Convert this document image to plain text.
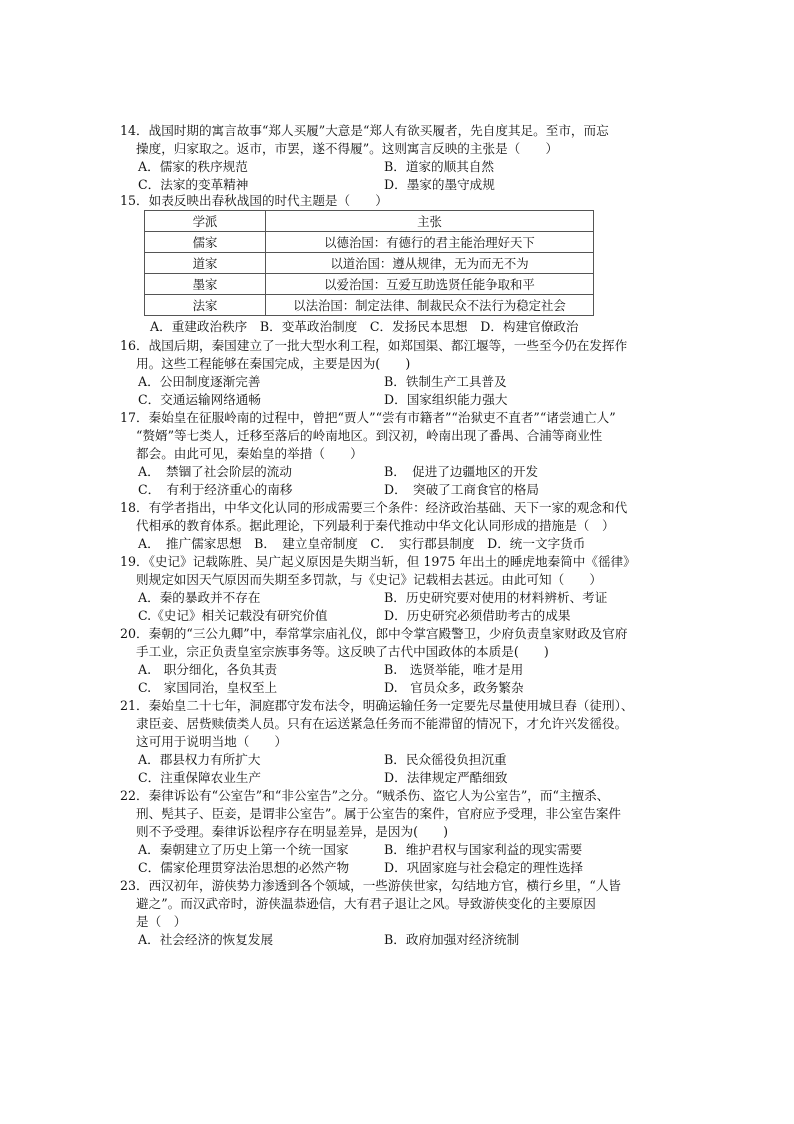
14．战国时期的寓言故事“郑人买履”大意是“郑人有欲买履者，先自度其足。至市，而忘
操度，归家取之。返市，市罢，遂不得履”。这则寓言反映的主张是（　　）
A．儒家的秩序规范	B．道家的顺其自然
C．法家的变革精神	D．墨家的墨守成规
15．如表反映出春秋战国的时代主题是（　　）
学派	主张
儒家	以德治国：有德行的君主能治理好天下
道家	以道治国：遵从规律，无为而无不为
墨家	以爱治国：互爱互助选贤任能争取和平
法家	以法治国：制定法律、制裁民众不法行为稳定社会
A．重建政治秩序　B．变革政治制度　C．发扬民本思想　D．构建官僚政治
16．战国后期，秦国建立了一批大型水利工程，如郑国渠、都江堰等，一些至今仍在发挥作
用。这些工程能够在秦国完成，主要是因为(　　)
A．公田制度逐渐完善	B．铁制生产工具普及
C．交通运输网络通畅	D．国家组织能力强大
17．秦始皇在征服岭南的过程中，曾把“贾人”“尝有市籍者”“治狱吏不直者”“诸尝逋亡人”
“赘婿”等七类人，迁移至落后的岭南地区。到汉初，岭南出现了番禺、合浦等商业性
都会。由此可见，秦始皇的举措（　　）
A．　禁锢了社会阶层的流动	B．　促进了边疆地区的开发
C．　有利于经济重心的南移	D．　突破了工商食官的格局
18．有学者指出，中华文化认同的形成需要三个条件：经济政治基础、天下一家的观念和代
代相承的教育体系。据此理论，下列最利于秦代推动中华文化认同形成的措施是（　）
A．　推广儒家思想　B．　建立皇帝制度　C．　实行郡县制度　D．统一文字货币
19．《史记》记载陈胜、吴广起义原因是失期当斩，但 1975 年出土的睡虎地秦简中《徭律》
则规定如因天气原因而失期至多罚款，与《史记》记载相去甚远。由此可知（　　）
A．秦的暴政并不存在	B．历史研究要对使用的材料辨析、考证
C.《史记》相关记载没有研究价值	D．历史研究必须借助考古的成果
20．秦朝的“三公九卿”中，奉常掌宗庙礼仪，郎中令掌宫殿警卫，少府负责皇家财政及官府
手工业，宗正负责皇室宗族事务等。这反映了古代中国政体的本质是(　　)
A.　职分细化，各负其责	B.　选贤举能，唯才是用
C.　家国同治，皇权至上	D.　官员众多，政务繁杂
21．秦始皇二十七年，洞庭郡守发布法令，明确运输任务一定要先尽量使用城旦舂（徒刑）、
隶臣妾、居赀赎债类人员。只有在运送紧急任务而不能滞留的情况下，才允许兴发徭役。
这可用于说明当地（　　）
A．郡县权力有所扩大	B．民众徭役负担沉重
C．注重保障农业生产	D．法律规定严酷细致
22．秦律诉讼有“公室告”和“非公室告”之分。“贼杀伤、盗它人为公室告”，而“主擅杀、
刑、髡其子、臣妾，是谓非公室告”。属于公室告的案件，官府应予受理，非公室告案件
则不予受理。秦律诉讼程序存在明显差异，是因为(　　)
A．秦朝建立了历史上第一个统一国家	B．维护君权与国家利益的现实需要
C．儒家伦理贯穿法治思想的必然产物	D．巩固家庭与社会稳定的理性选择
23．西汉初年，游侠势力渗透到各个领域，一些游侠世家，勾结地方官，横行乡里，“人皆
避之”。而汉武帝时，游侠温恭逊信，大有君子退让之风。导致游侠变化的主要原因
是（　）
A．社会经济的恢复发展	B．政府加强对经济统制
